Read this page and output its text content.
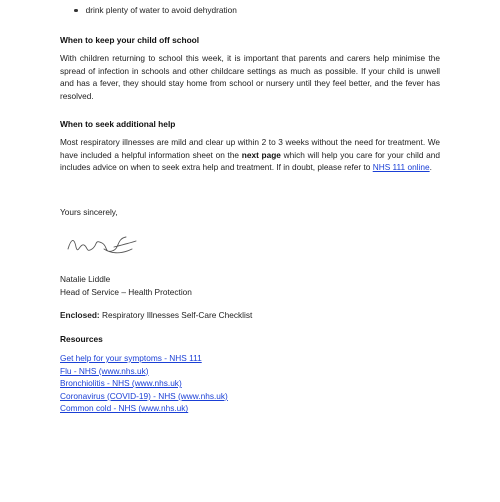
drink plenty of water to avoid dehydration

When to keep your child off school

With children returning to school this week, it is important that parents and carers help minimise the spread of infection in schools and other childcare settings as much as possible. If your child is unwell and has a fever, they should stay home from school or nursery until they feel better, and the fever has resolved.

When to seek additional help

Most respiratory illnesses are mild and clear up within 2 to 3 weeks without the need for treatment. We have included a helpful information sheet on the next page which will help you care for your child and includes advice on when to seek extra help and treatment. If in doubt, please refer to NHS 111 online.

Yours sincerely,

Natalie Liddle

Head of Service – Health Protection

Enclosed: Respiratory Illnesses Self-Care Checklist

Resources

Get help for your symptoms - NHS 111
Flu - NHS (www.nhs.uk)
Bronchiolitis - NHS (www.nhs.uk)
Coronavirus (COVID-19) - NHS (www.nhs.uk)
Common cold - NHS (www.nhs.uk)
